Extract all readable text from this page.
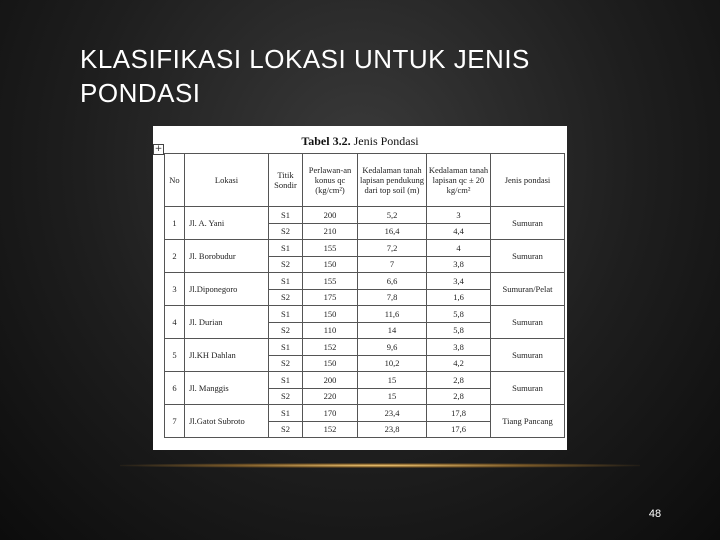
KLASIFIKASI LOKASI UNTUK JENIS PONDASI
Tabel 3.2. Jenis Pondasi
+
No	Lokasi	Titik Sondir	Perlawan-an konus qc (kg/cm²)	Kedalaman tanah lapisan pendukung dari top soil (m)	Kedalaman tanah lapisan qc ± 20 kg/cm²	Jenis pondasi
1	Jl. A. Yani	S1	200	5,2	3	Sumuran
		S2	210	16,4	4,4	
2	Jl. Borobudur	S1	155	7,2	4	Sumuran
		S2	150	7	3,8	
3	Jl.Diponegoro	S1	155	6,6	3,4	Sumuran/Pelat
		S2	175	7,8	1,6	
4	Jl. Durian	S1	150	11,6	5,8	Sumuran
		S2	110	14	5,8	
5	Jl.KH Dahlan	S1	152	9,6	3,8	Sumuran
		S2	150	10,2	4,2	
6	Jl. Manggis	S1	200	15	2,8	Sumuran
		S2	220	15	2,8	
7	Jl.Gatot Subroto	S1	170	23,4	17,8	Tiang Pancang
		S2	152	23,8	17,6	
48
